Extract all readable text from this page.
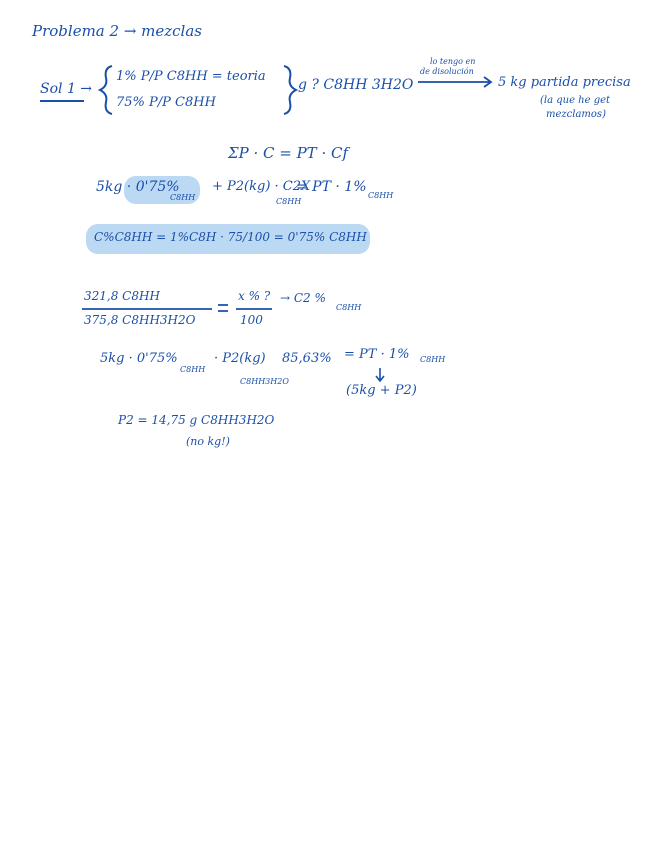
Problema 2 → mezclas
Sol 1 →
1% P/P C8HH = teoria
75% P/P C8HH
g ? C8HH 3H2O
lo tengo en
de disolución
5 kg partida precisa
(la que he get
mezclamos)
ΣP · C = PT · Cf
5kg · 0'75%
C8HH
+ P2(kg) · C2X
C8HH
= PT · 1%
C8HH
C%C8HH = 1%C8H · 75/100 = 0'75% C8HH
321,8 C8HH
375,8 C8HH3H2O
x % ?
100
→ C2 %
C8HH
5kg · 0'75%
C8HH
· P2(kg)
C8HH3H2O
85,63% = PT · 1% C8HH
(5kg + P2)
P2 = 14,75 g C8HH3H2O
(no kg!)
